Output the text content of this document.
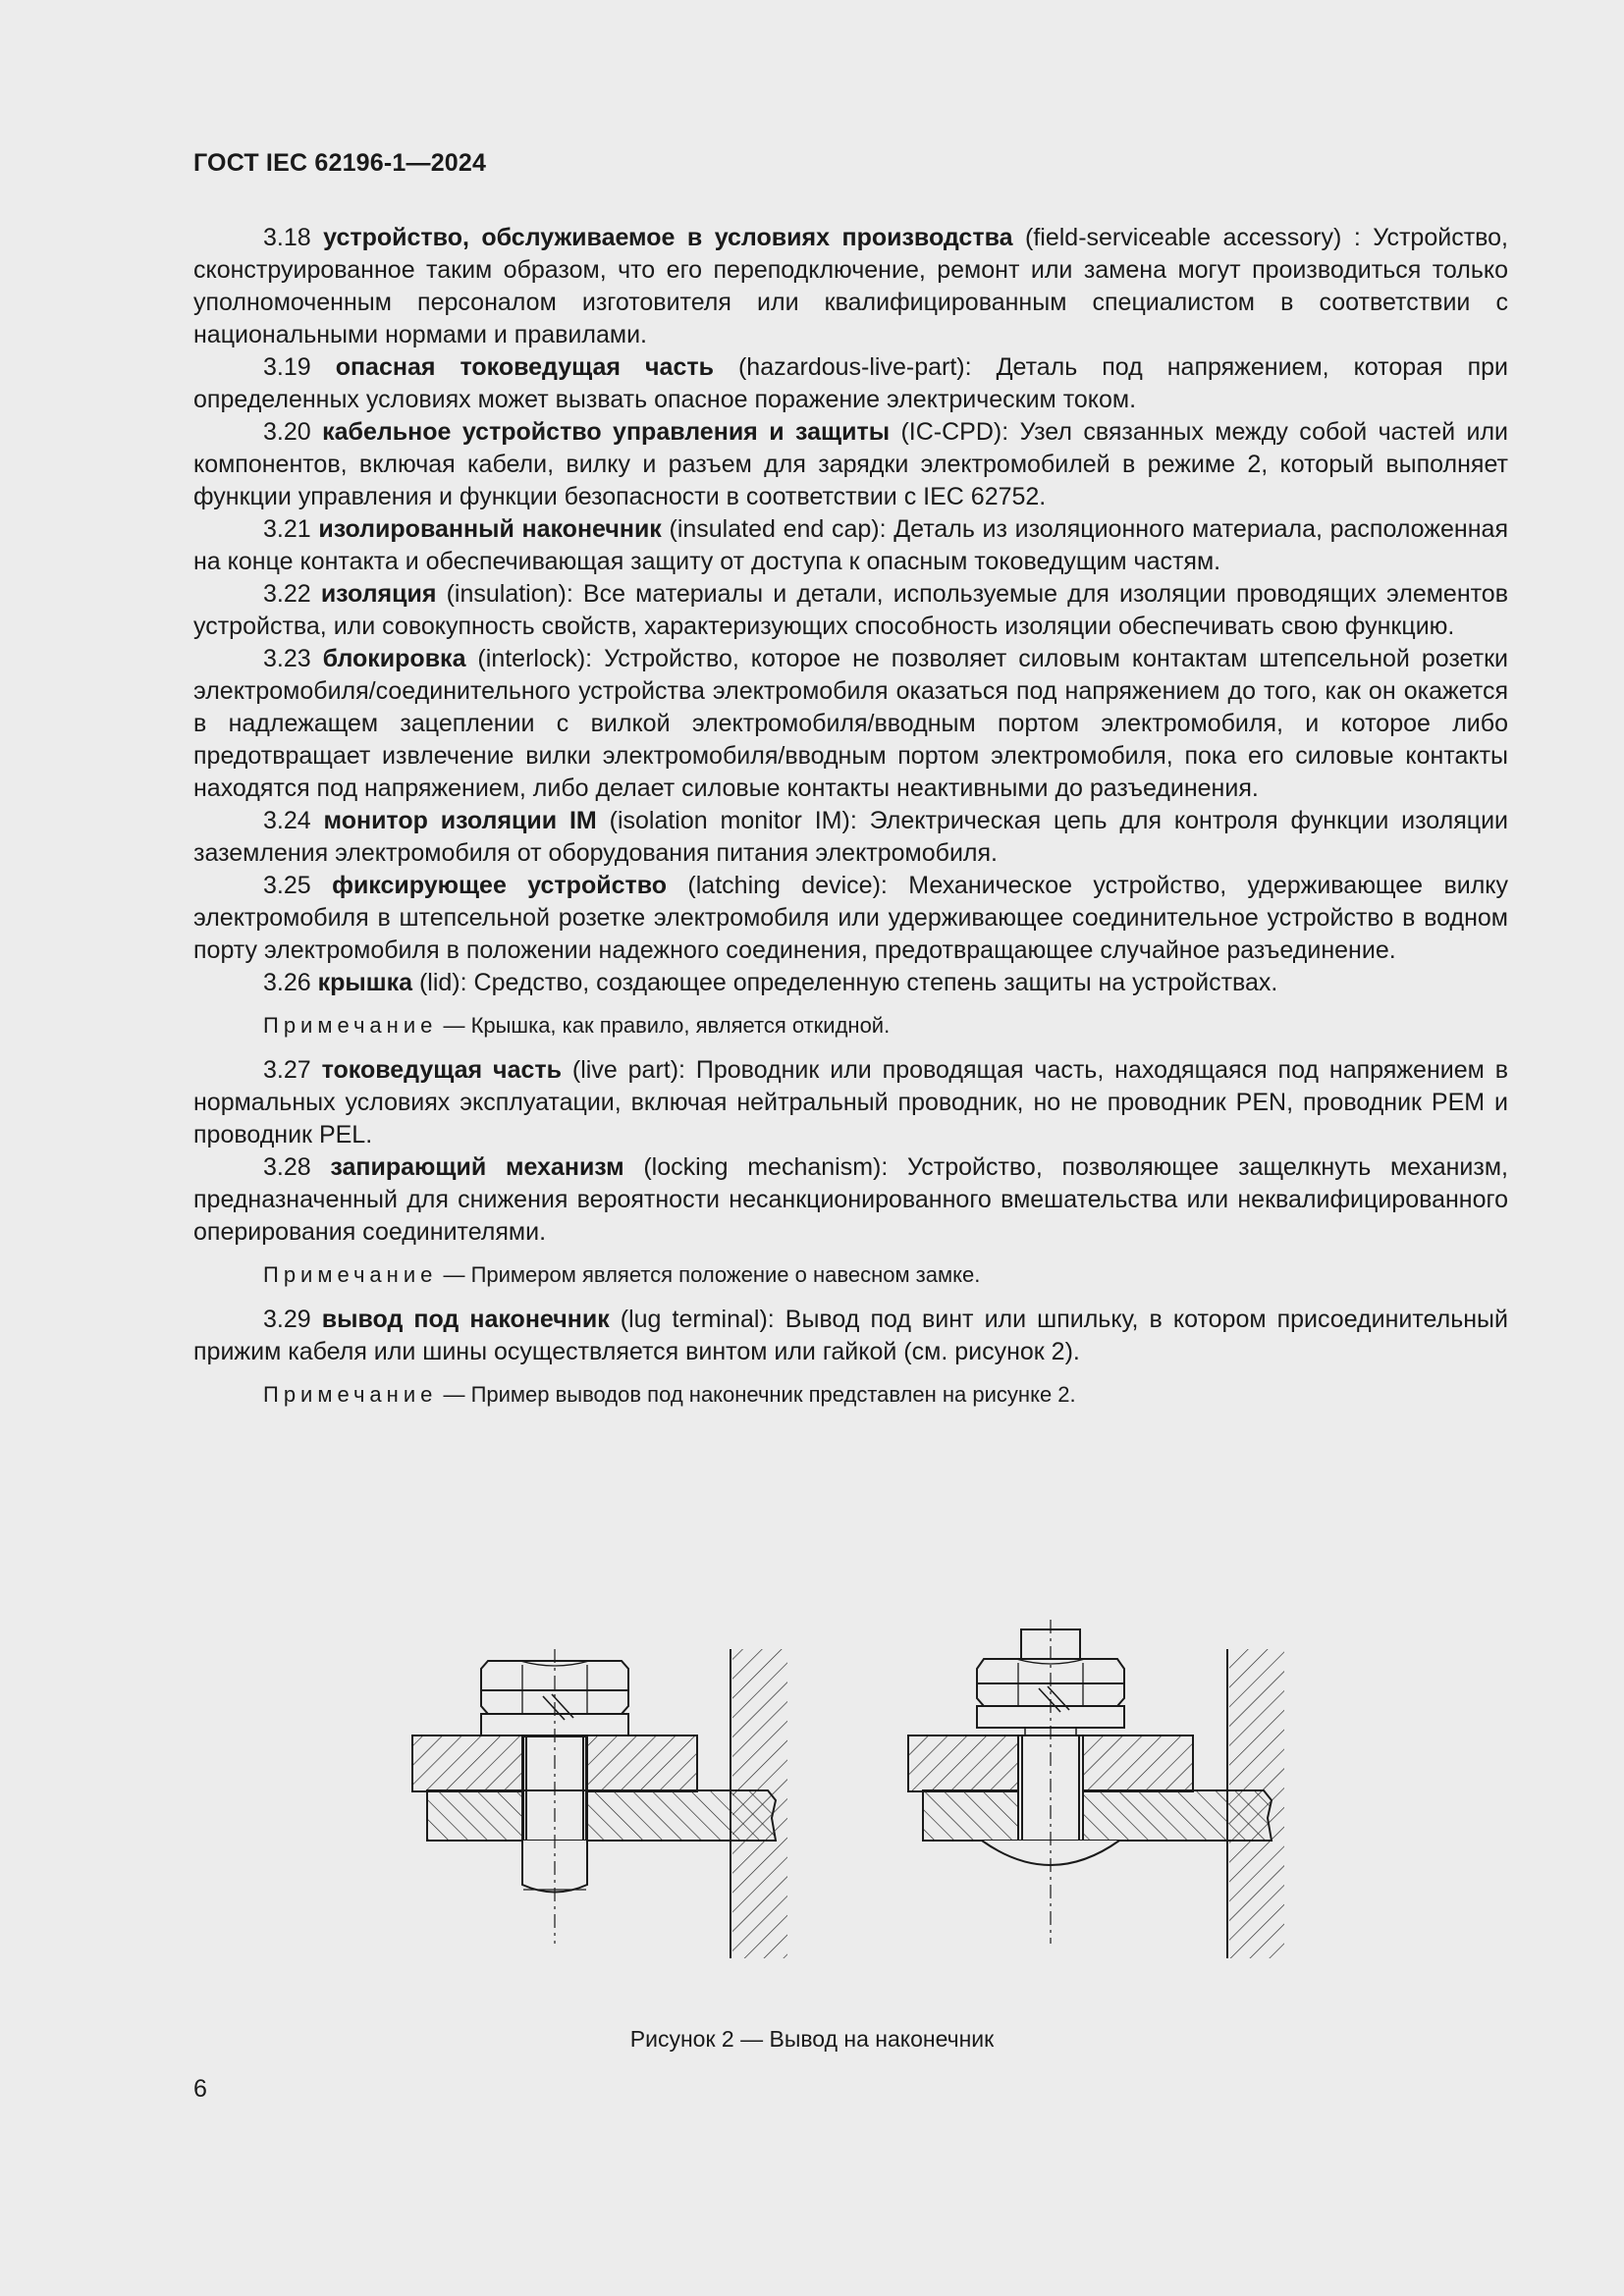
ГОСТ IEC 62196-1—2024

3.18 устройство, обслуживаемое в условиях производства (field-serviceable accessory) : Устройство, сконструированное таким образом, что его переподключение, ремонт или замена могут производиться только уполномоченным персоналом изготовителя или квалифицированным специалистом в соответствии с национальными нормами и правилами.

3.19 опасная токоведущая часть (hazardous-live-part): Деталь под напряжением, которая при определенных условиях может вызвать опасное поражение электрическим током.

3.20 кабельное устройство управления и защиты (IC-CPD): Узел связанных между собой частей или компонентов, включая кабели, вилку и разъем для зарядки электромобилей в режиме 2, который выполняет функции управления и функции безопасности в соответствии с IEC 62752.

3.21 изолированный наконечник (insulated end cap): Деталь из изоляционного материала, расположенная на конце контакта и обеспечивающая защиту от доступа к опасным токоведущим частям.

3.22 изоляция (insulation): Все материалы и детали, используемые для изоляции проводящих элементов устройства, или совокупность свойств, характеризующих способность изоляции обеспечивать свою функцию.

3.23 блокировка (interlock): Устройство, которое не позволяет силовым контактам штепсельной розетки электромобиля/соединительного устройства электромобиля оказаться под напряжением до того, как он окажется в надлежащем зацеплении с вилкой электромобиля/вводным портом электромобиля, и которое либо предотвращает извлечение вилки электромобиля/вводным портом электромобиля, пока его силовые контакты находятся под напряжением, либо делает силовые контакты неактивными до разъединения.

3.24 монитор изоляции IM (isolation monitor IM): Электрическая цепь для контроля функции изоляции заземления электромобиля от оборудования питания электромобиля.

3.25 фиксирующее устройство (latching device): Механическое устройство, удерживающее вилку электромобиля в штепсельной розетке электромобиля или удерживающее соединительное устройство в водном порту электромобиля в положении надежного соединения, предотвращающее случайное разъединение.

3.26 крышка (lid): Средство, создающее определенную степень защиты на устройствах.

Примечание — Крышка, как правило, является откидной.

3.27 токоведущая часть (live part): Проводник или проводящая часть, находящаяся под напряжением в нормальных условиях эксплуатации, включая нейтральный проводник, но не проводник PEN, проводник PEM и проводник PEL.

3.28 запирающий механизм (locking mechanism): Устройство, позволяющее защелкнуть механизм, предназначенный для снижения вероятности несанкционированного вмешательства или неквалифицированного оперирования соединителями.

Примечание — Примером является положение о навесном замке.

3.29 вывод под наконечник (lug terminal): Вывод под винт или шпильку, в котором присоединительный прижим кабеля или шины осуществляется винтом или гайкой (см. рисунок 2).

Примечание — Пример выводов под наконечник представлен на рисунке 2.

Рисунок 2 — Вывод на наконечник
6
